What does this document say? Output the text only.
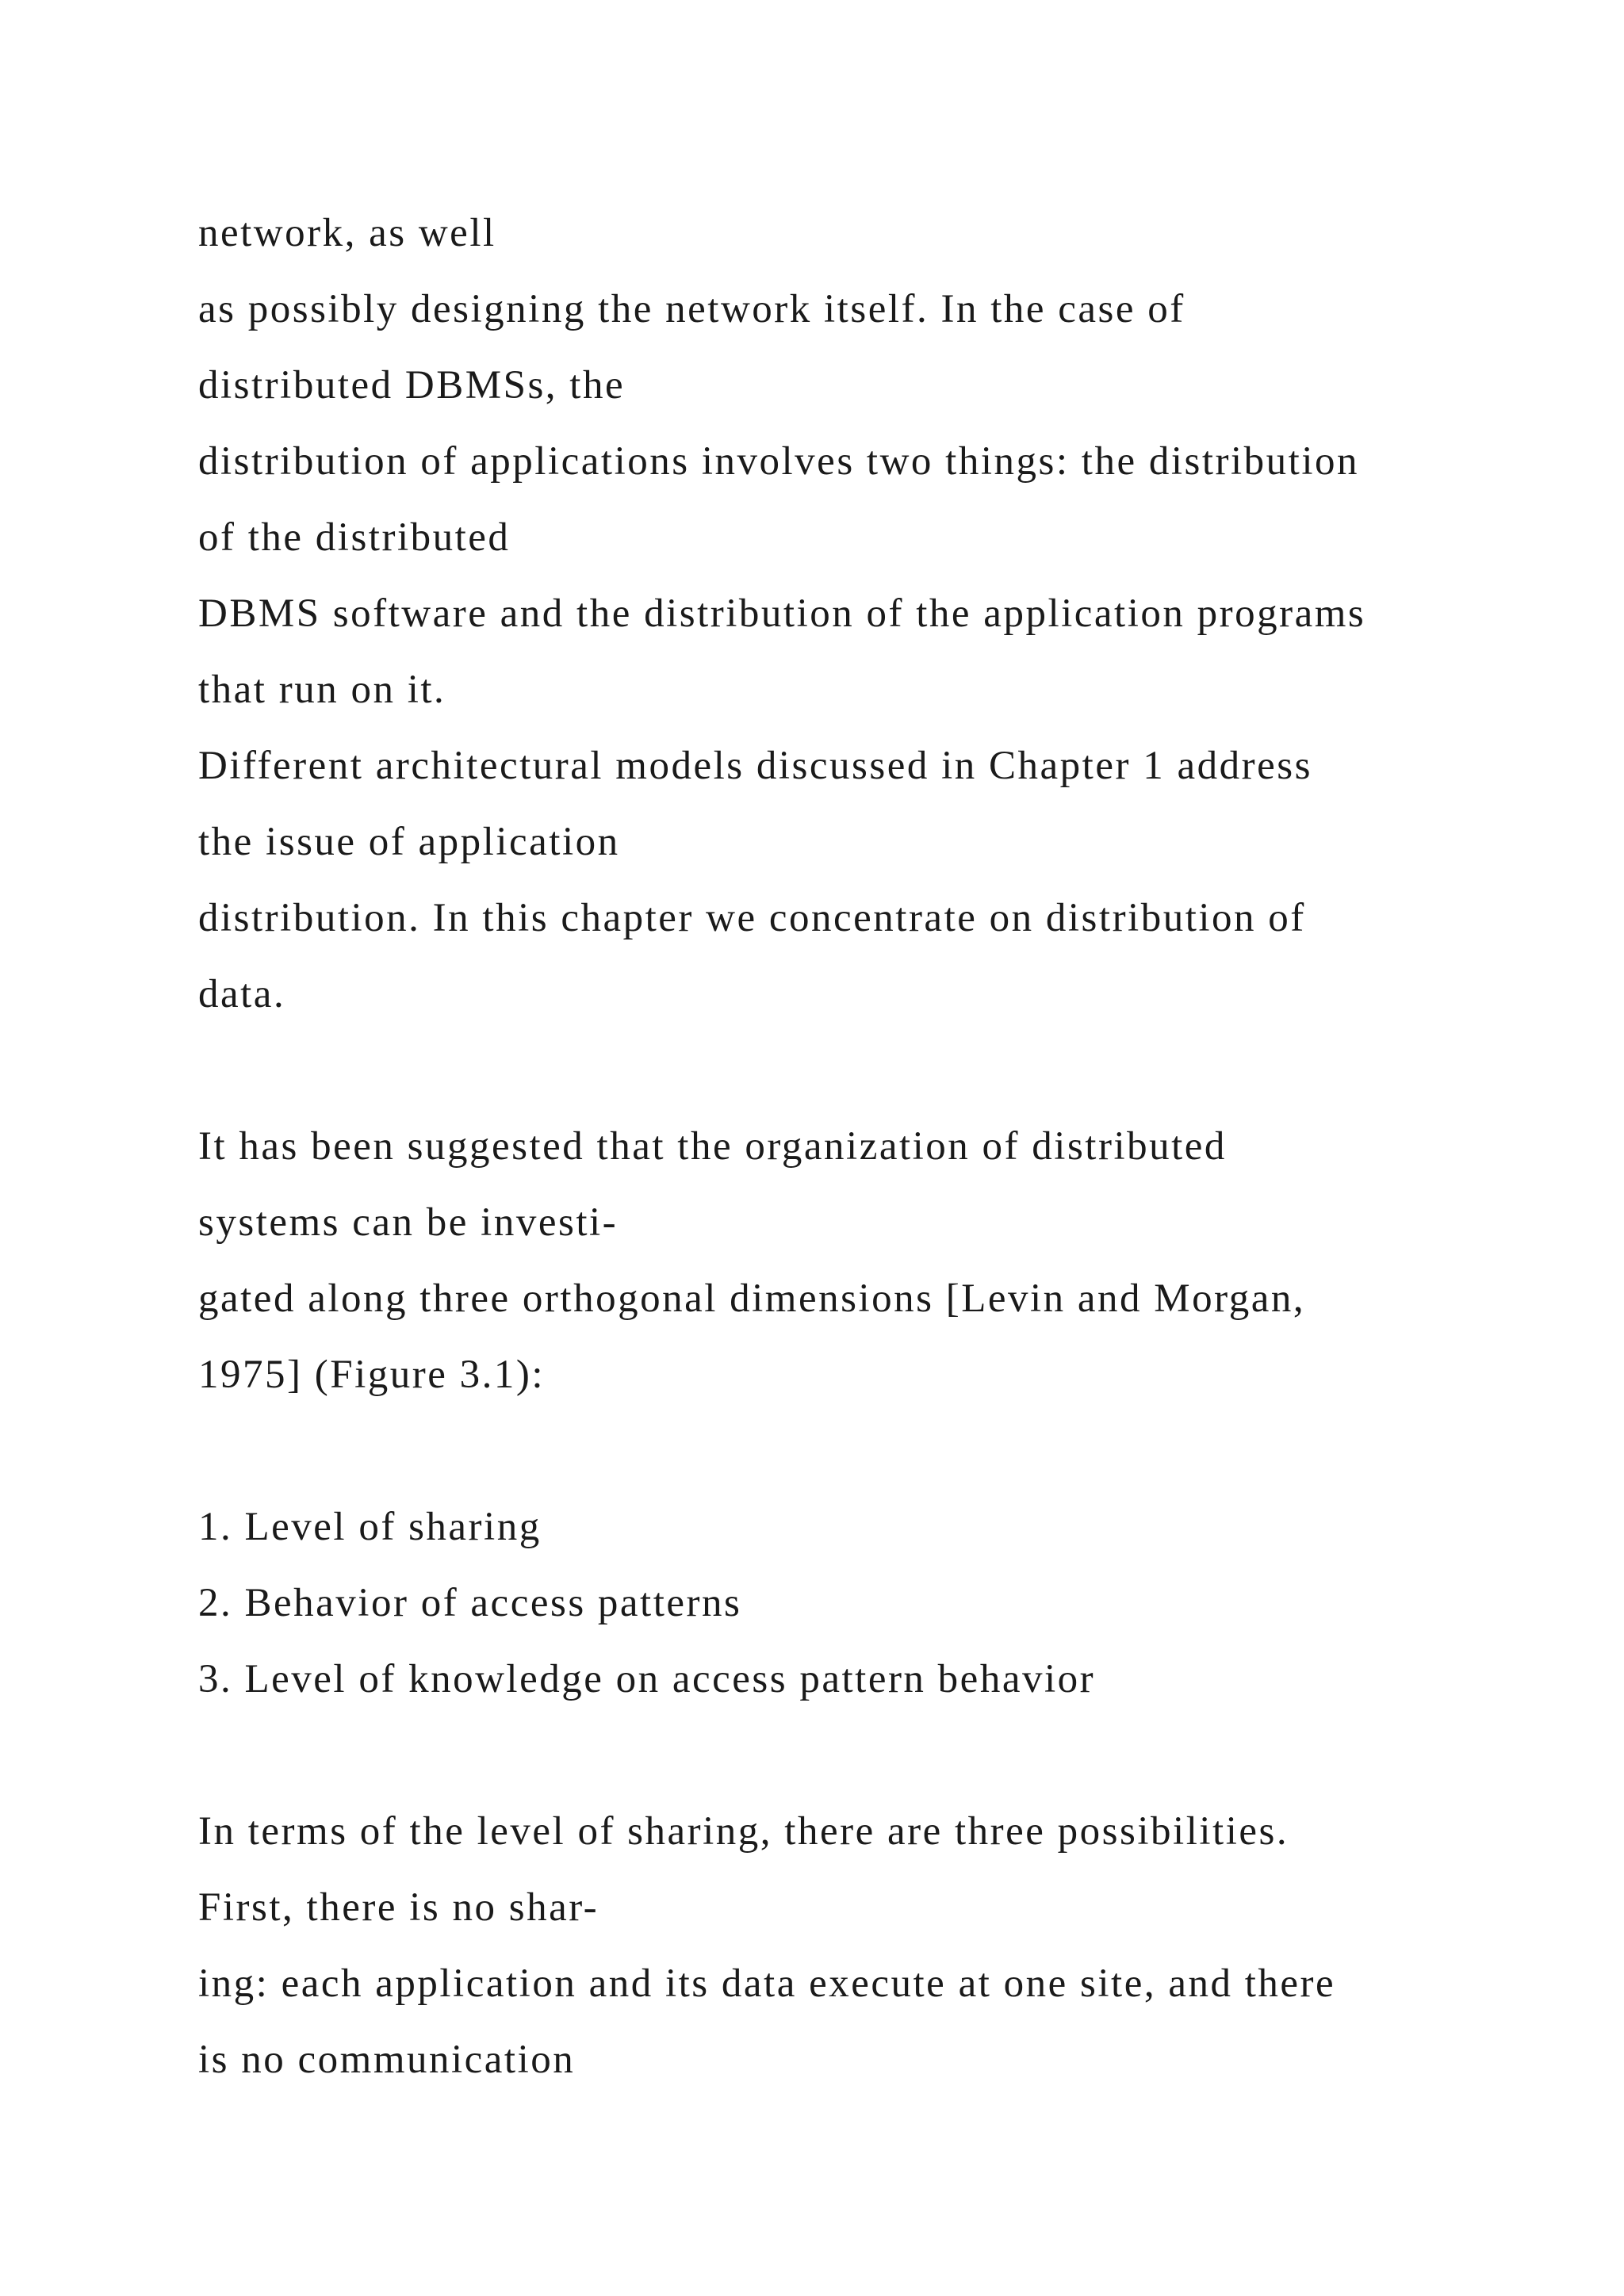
network, as well
as possibly designing the network itself. In the case of
distributed DBMSs, the
distribution of applications involves two things: the distribution
of the distributed
DBMS software and the distribution of the application programs
that run on it.
Different architectural models discussed in Chapter 1 address
the issue of application
distribution. In this chapter we concentrate on distribution of
data.
It has been suggested that the organization of distributed
systems can be investi-
gated along three orthogonal dimensions [Levin and Morgan,
1975] (Figure 3.1):
1. Level of sharing
2. Behavior of access patterns
3. Level of knowledge on access pattern behavior
In terms of the level of sharing, there are three possibilities.
First, there is no shar-
ing: each application and its data execute at one site, and there
is no communication
